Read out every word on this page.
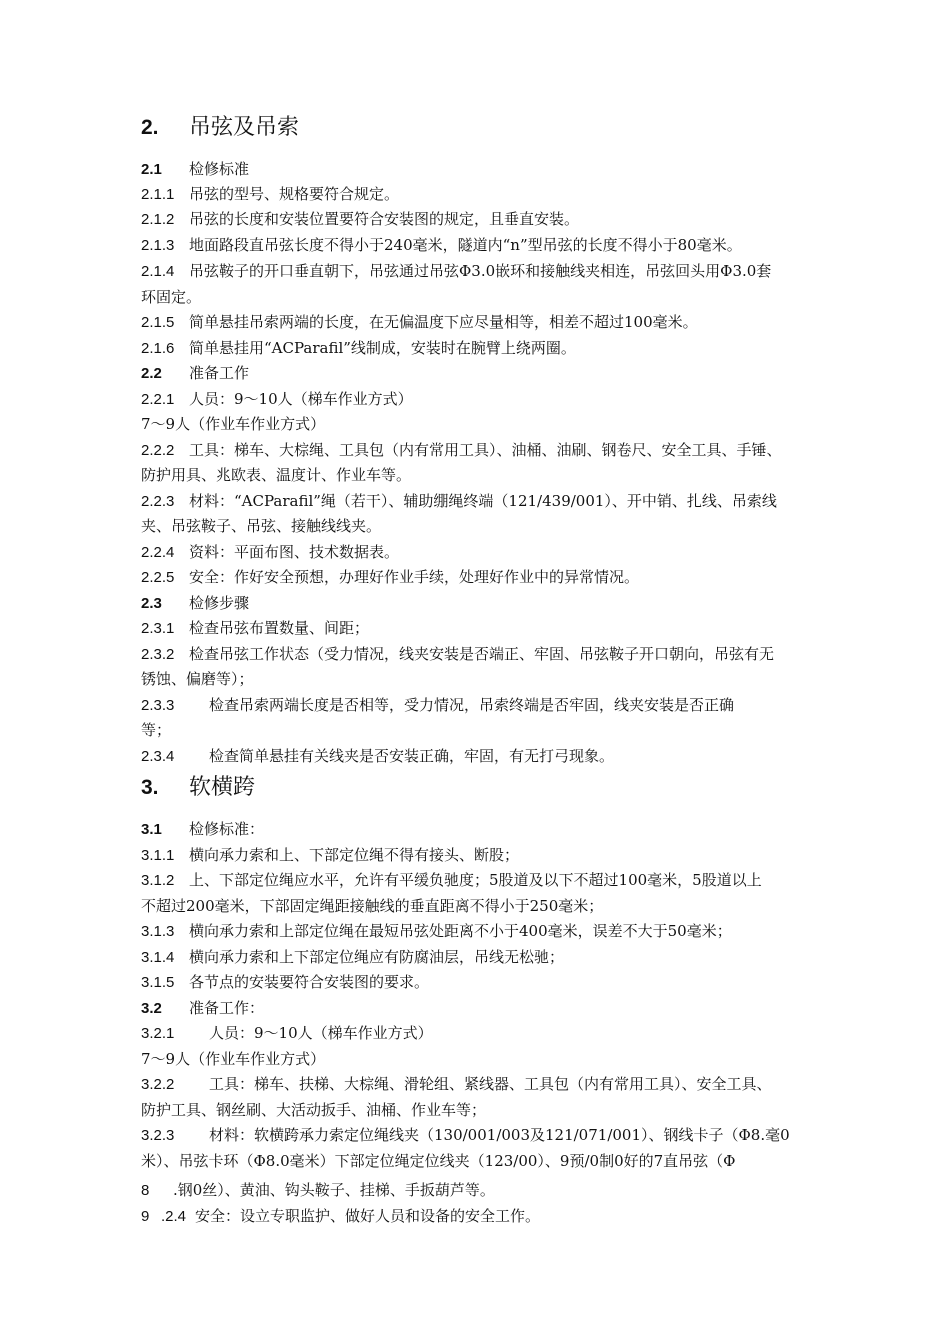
2. 吊弦及吊索
2.1 检修标准
2.1.1 吊弦的型号、规格要符合规定。
2.1.2 吊弦的长度和安装位置要符合安装图的规定，且垂直安装。
2.1.3 地面路段直吊弦长度不得小于240毫米，隧道内“n”型吊弦的长度不得小于80毫米。
2.1.4 吊弦鞍子的开口垂直朝下，吊弦通过吊弦Φ3.0嵌环和接触线夹相连，吊弦回头用Φ3.0套
环固定。
2.1.5 简单悬挂吊索两端的长度，在无偏温度下应尽量相等，相差不超过100毫米。
2.1.6 简单悬挂用“ACParafil”线制成，安装时在腕臂上绕两圈。
2.2 准备工作
2.2.1 人员：9～10人（梯车作业方式）
7～9人（作业车作业方式）
2.2.2 工具：梯车、大棕绳、工具包（内有常用工具）、油桶、油刷、钢卷尺、安全工具、手锤、
防护用具、兆欧表、温度计、作业车等。
2.2.3 材料：“ACParafil”绳（若干）、辅助绷绳终端（121/439/001）、开中销、扎线、吊索线
夹、吊弦鞍子、吊弦、接触线线夹。
2.2.4 资料：平面布图、技术数据表。
2.2.5 安全：作好安全预想，办理好作业手续，处理好作业中的异常情况。
2.3 检修步骤
2.3.1 检查吊弦布置数量、间距；
2.3.2 检查吊弦工作状态（受力情况，线夹安装是否端正、牢固、吊弦鞍子开口朝向，吊弦有无
锈蚀、偏磨等）；
2.3.3 检查吊索两端长度是否相等，受力情况，吊索终端是否牢固，线夹安装是否正确
等；
2.3.4 检查简单悬挂有关线夹是否安装正确，牢固，有无打弓现象。
3. 软横跨
3.1 检修标准：
3.1.1 横向承力索和上、下部定位绳不得有接头、断股；
3.1.2 上、下部定位绳应水平，允许有平缓负驰度；5股道及以下不超过100毫米，5股道以上
不超过200毫米，下部固定绳距接触线的垂直距离不得小于250毫米；
3.1.3 横向承力索和上部定位绳在最短吊弦处距离不小于400毫米，误差不大于50毫米；
3.1.4 横向承力索和上下部定位绳应有防腐油层，吊线无松驰；
3.1.5 各节点的安装要符合安装图的要求。
3.2 准备工作：
3.2.1 人员：9～10人（梯车作业方式）
7～9人（作业车作业方式）
3.2.2 工具：梯车、扶梯、大棕绳、滑轮组、紧线器、工具包（内有常用工具）、安全工具、
防护工具、钢丝刷、大活动扳手、油桶、作业车等；
3.2.3 材料：软横跨承力索定位绳线夹（130/001/003及121/071/001）、钢线卡子（Φ8.毫0
米）、吊弦卡环（Φ8.0毫米）下部定位绳定位线夹（123/00）、9预/0制0好的7直吊弦（Φ
8 .钢0丝）、黄油、钩头鞍子、挂梯、手扳葫芦等。
9 .2.4 安全：设立专职监护、做好人员和设备的安全工作。
